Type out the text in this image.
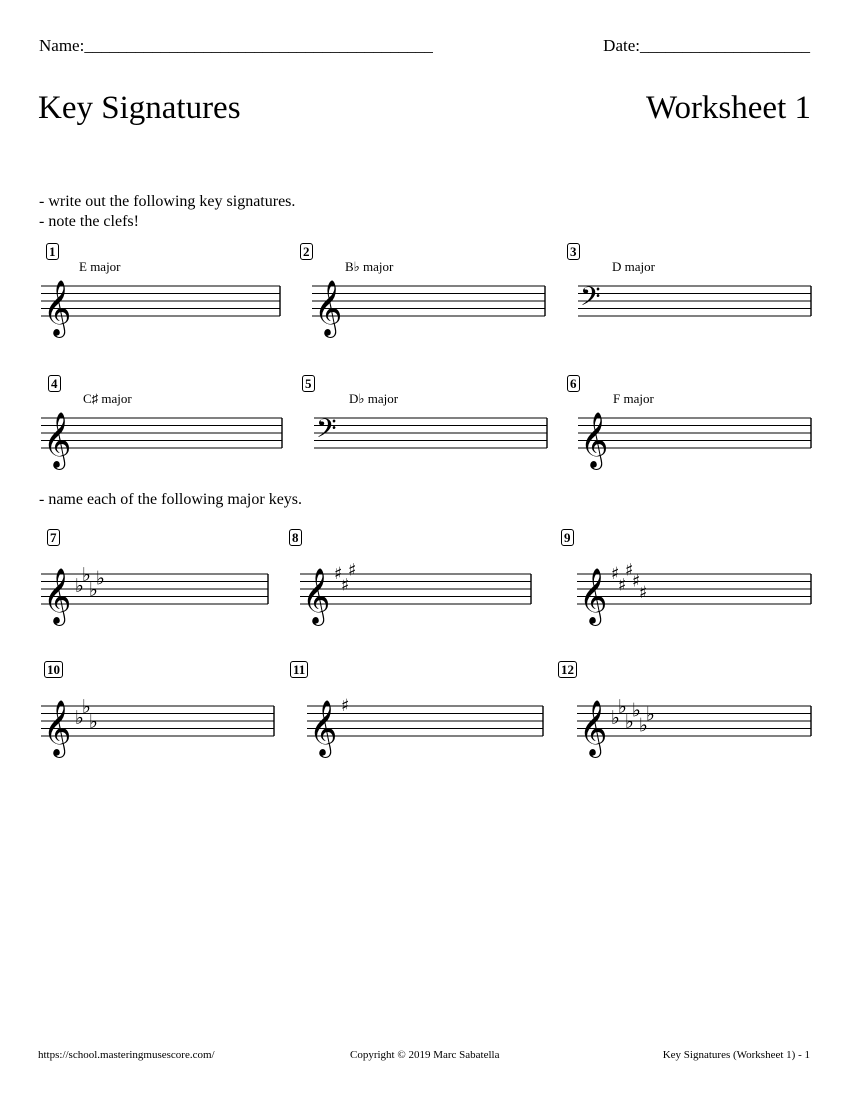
Name:_________________________________________	Date:____________________
Key Signatures	Worksheet 1
- write out the following key signatures.
- note the clefs!
- name each of the following major keys.
1
E major
𝄞
2
B♭ major
𝄞
3
D major
𝄢
4
C♯ major
𝄞
5
D♭ major
𝄢
6
F major
𝄞
7
𝄞 ♭
♭
♭
♭
8
𝄞 ♯
♯
♯
9
𝄞 ♯
♯
♯
♯
♯
10
𝄞 ♭
♭
♭
11
𝄞 ♯
12
𝄞 ♭
♭
♭
♭
♭
♭
https://school.masteringmusescore.com/	Copyright © 2019 Marc Sabatella	Key Signatures (Worksheet 1) - 1
